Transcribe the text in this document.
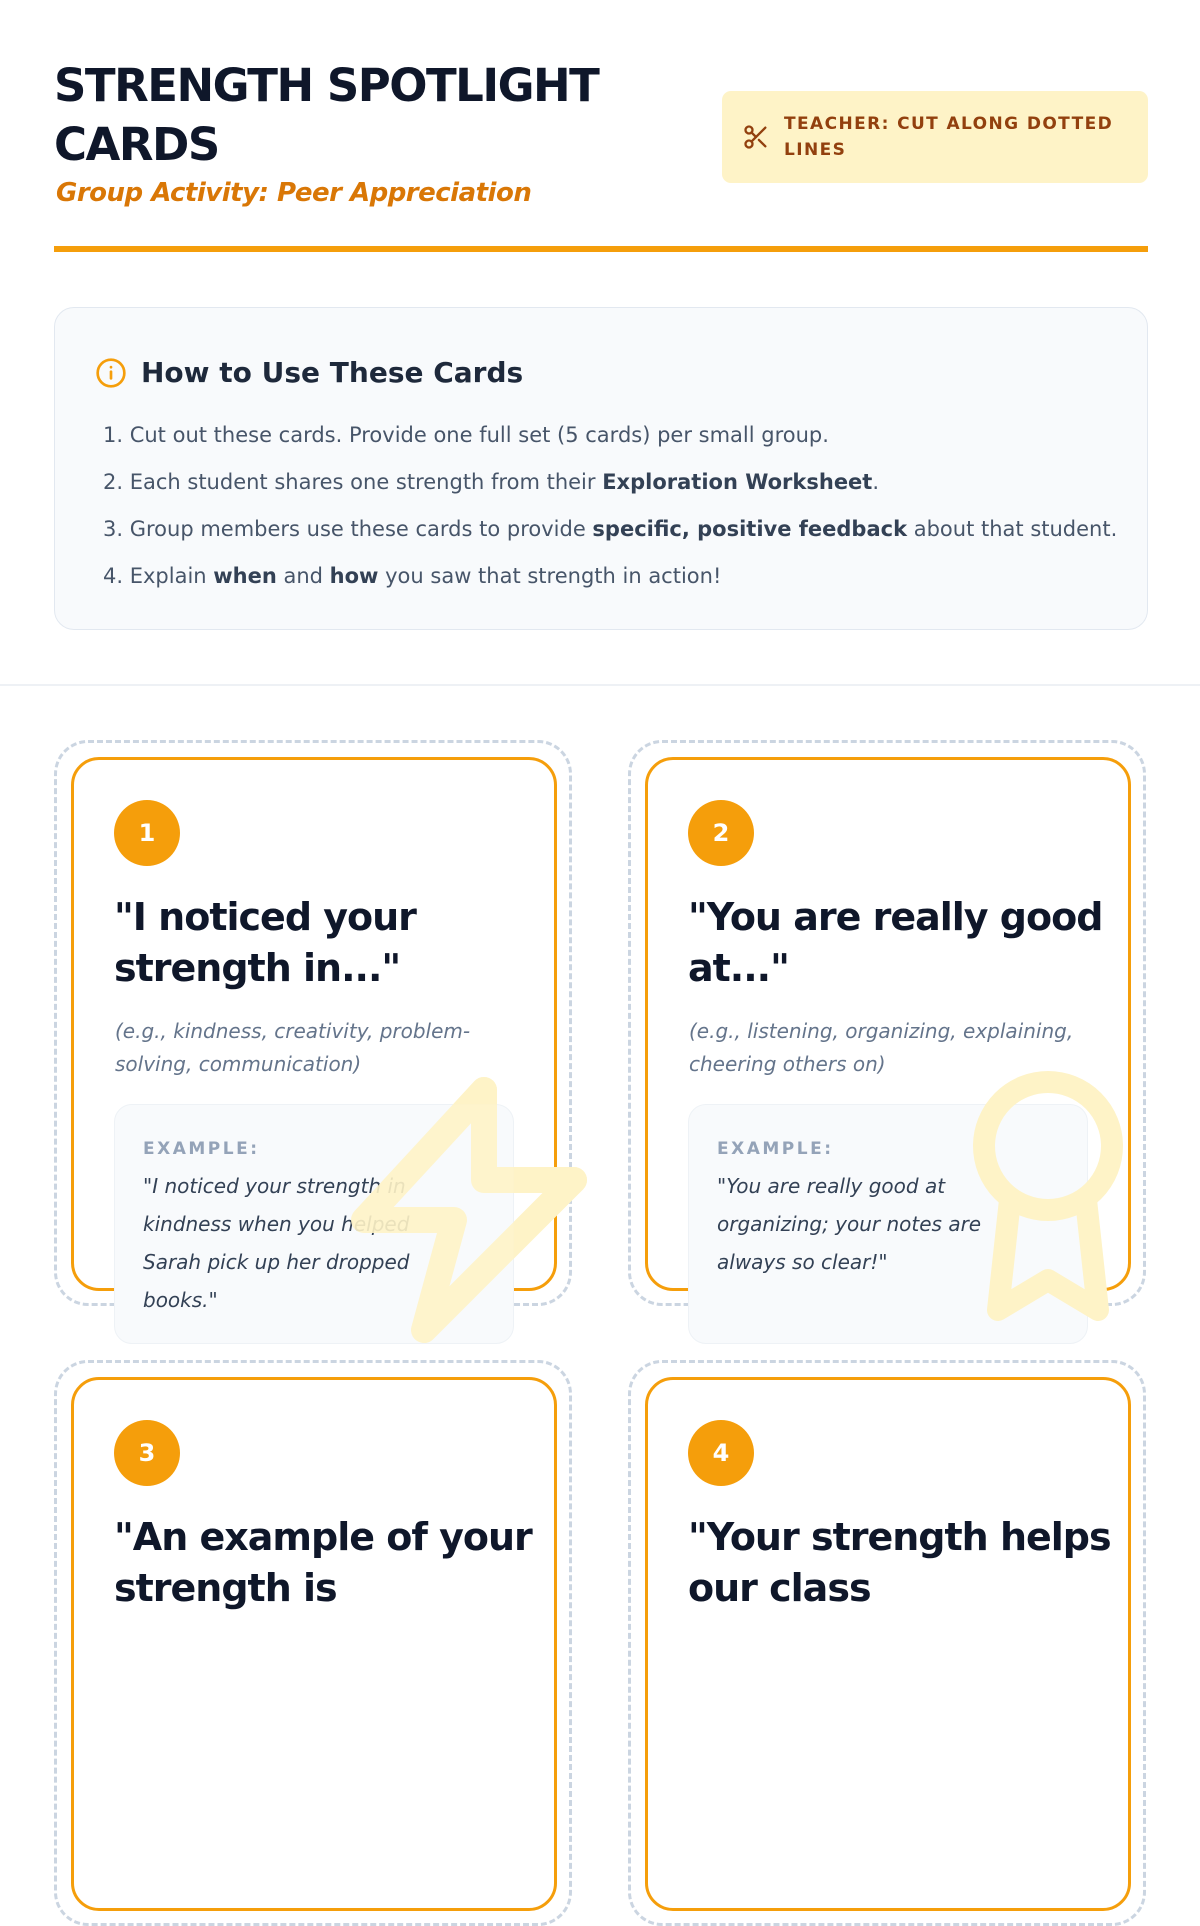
STRENGTH SPOTLIGHT CARDS
Group Activity: Peer Appreciation
TEACHER: CUT ALONG DOTTED LINES
How to Use These Cards
1. Cut out these cards. Provide one full set (5 cards) per small group.
2. Each student shares one strength from their Exploration Worksheet.
3. Group members use these cards to provide specific, positive feedback about that student.
4. Explain when and how you saw that strength in action!
1
"I noticed your strength in..."
(e.g., kindness, creativity, problem-solving, communication)
EXAMPLE:
"I noticed your strength in kindness when you helped Sarah pick up her dropped books."
2
"You are really good at..."
(e.g., listening, organizing, explaining, cheering others on)
EXAMPLE:
"You are really good at organizing; your notes are always so clear!"
3
"An example of your strength is
4
"Your strength helps our class
